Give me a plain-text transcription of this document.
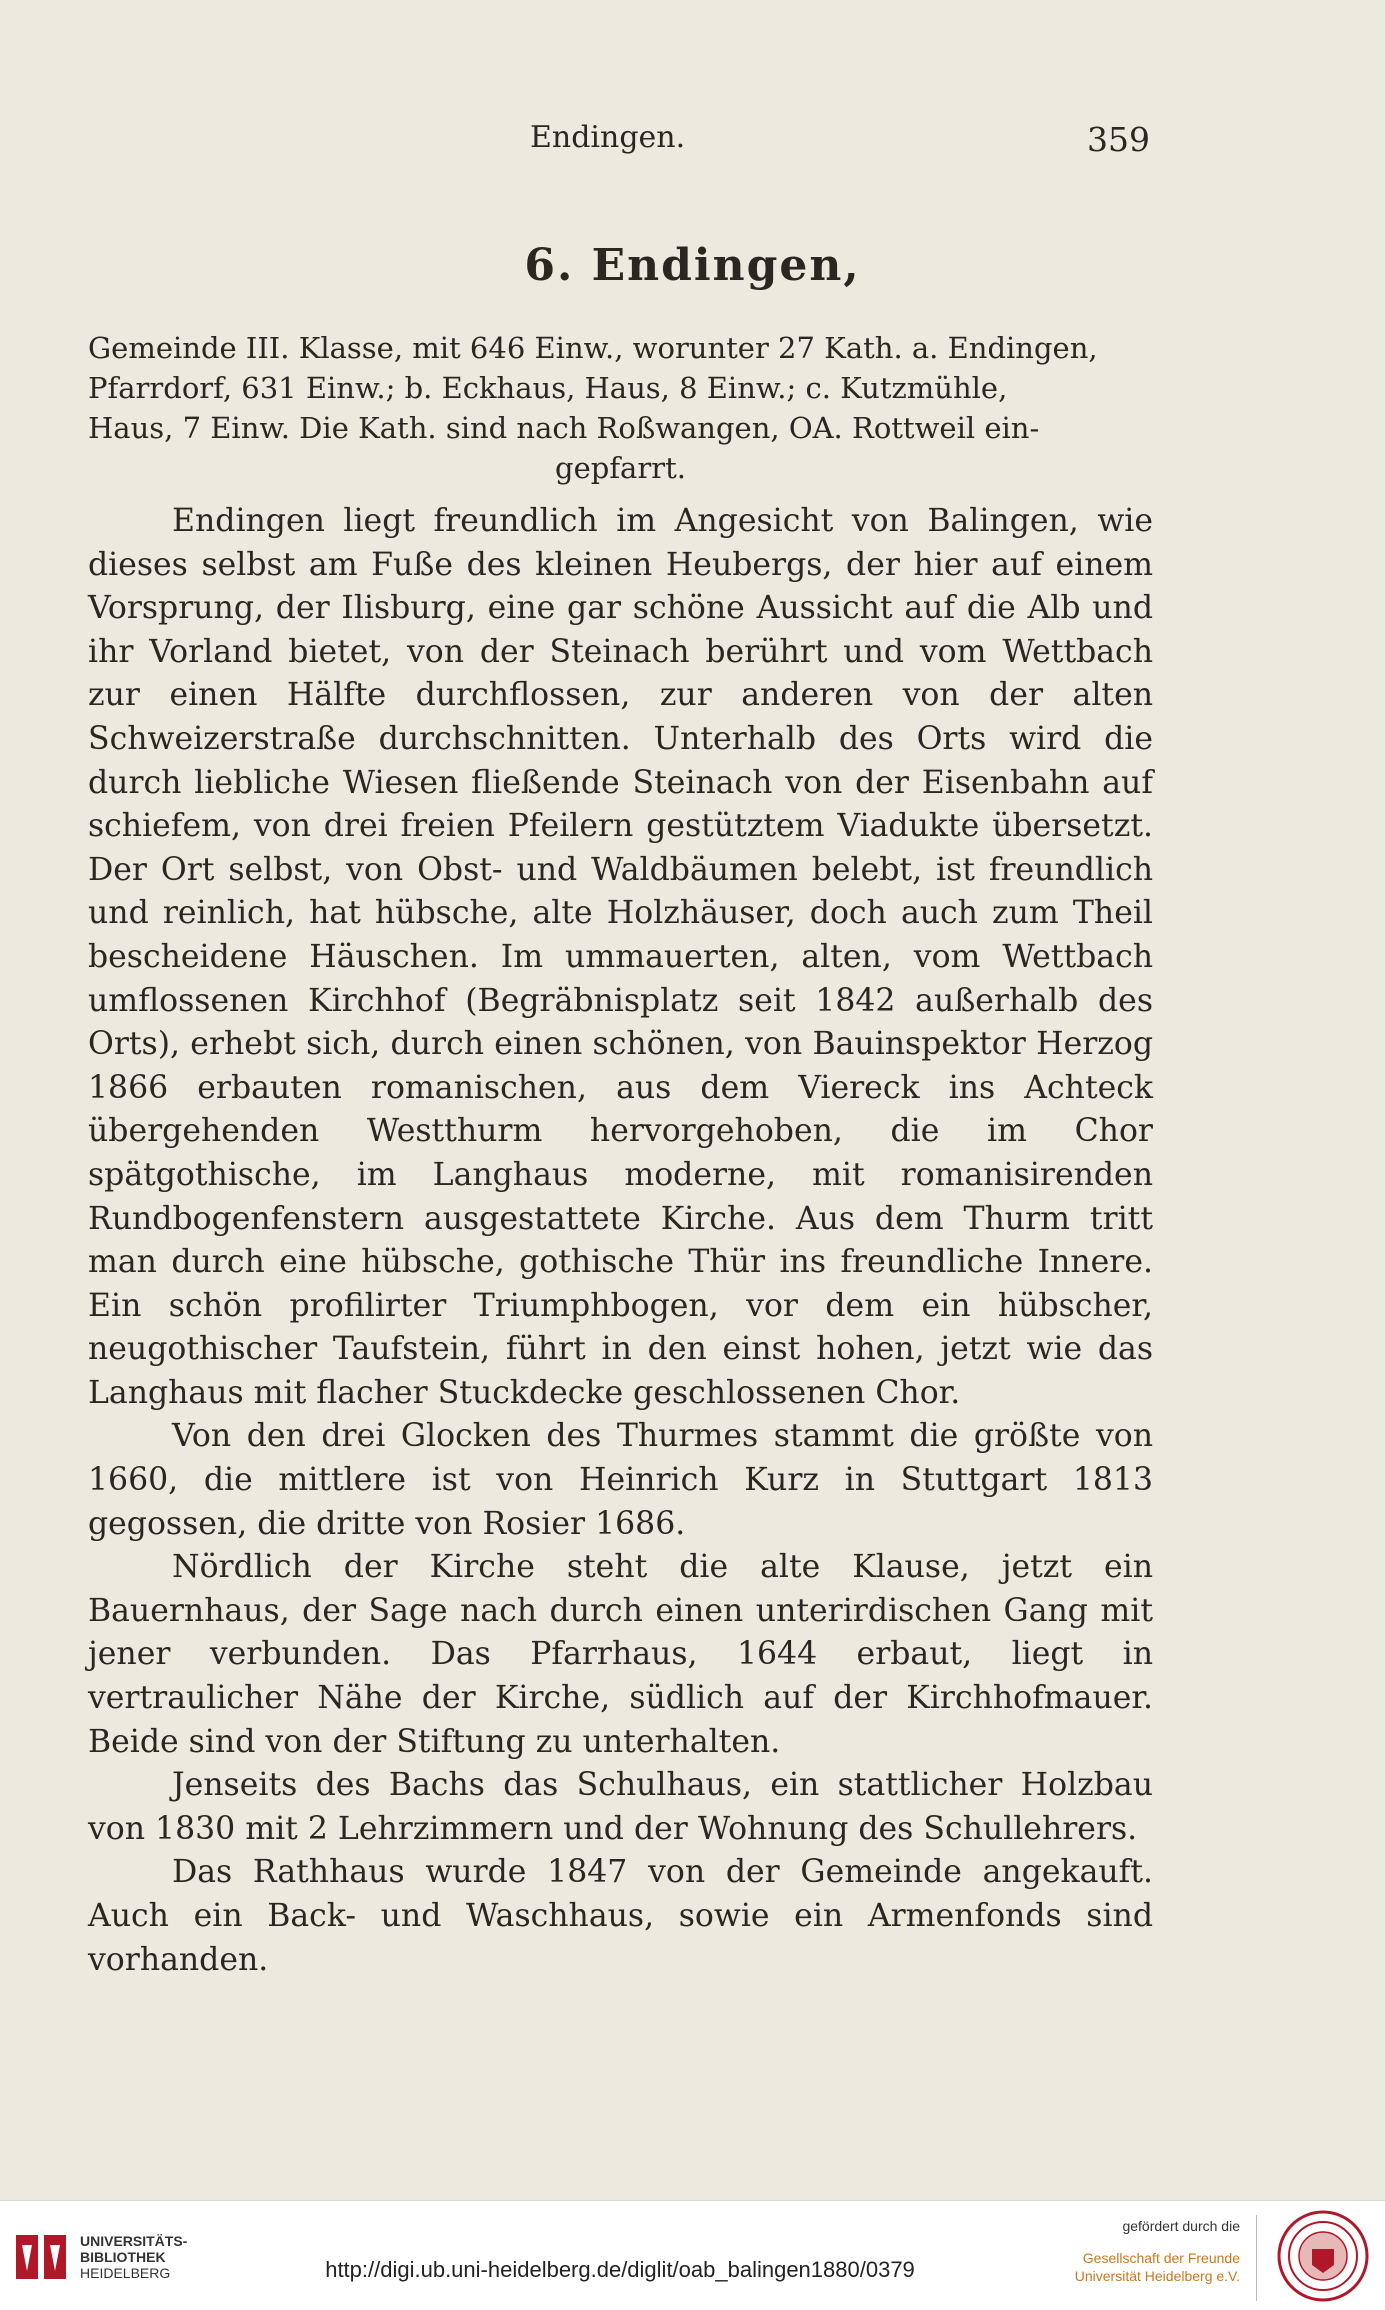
Endingen.	359
6. Endingen,
Gemeinde III. Klasse, mit 646 Einw., worunter 27 Kath. a. Endingen,
Pfarrdorf, 631 Einw.; b. Eckhaus, Haus, 8 Einw.; c. Kutzmühle,
Haus, 7 Einw. Die Kath. sind nach Roßwangen, OA. Rottweil ein-
gepfarrt.

Endingen liegt freundlich im Angesicht von Balingen, wie dieses selbst am Fuße des kleinen Heubergs, der hier auf einem Vorsprung, der Ilisburg, eine gar schöne Aussicht auf die Alb und ihr Vorland bietet, von der Steinach berührt und vom Wettbach zur einen Hälfte durchflossen, zur anderen von der alten Schweizerstraße durchschnitten. Unterhalb des Orts wird die durch liebliche Wiesen fließende Steinach von der Eisenbahn auf schiefem, von drei freien Pfeilern gestütztem Viadukte übersetzt. Der Ort selbst, von Obst- und Waldbäumen belebt, ist freundlich und reinlich, hat hübsche, alte Holzhäuser, doch auch zum Theil bescheidene Häuschen. Im ummauerten, alten, vom Wettbach umflossenen Kirchhof (Begräbnisplatz seit 1842 außerhalb des Orts), erhebt sich, durch einen schönen, von Bauinspektor Herzog 1866 erbauten romanischen, aus dem Viereck ins Achteck übergehenden Westthurm hervorgehoben, die im Chor spätgothische, im Langhaus moderne, mit romanisirenden Rundbogenfenstern ausgestattete Kirche. Aus dem Thurm tritt man durch eine hübsche, gothische Thür ins freundliche Innere. Ein schön profilirter Triumphbogen, vor dem ein hübscher, neugothischer Taufstein, führt in den einst hohen, jetzt wie das Langhaus mit flacher Stuckdecke geschlossenen Chor.

Von den drei Glocken des Thurmes stammt die größte von 1660, die mittlere ist von Heinrich Kurz in Stuttgart 1813 gegossen, die dritte von Rosier 1686.

Nördlich der Kirche steht die alte Klause, jetzt ein Bauernhaus, der Sage nach durch einen unterirdischen Gang mit jener verbunden. Das Pfarrhaus, 1644 erbaut, liegt in vertraulicher Nähe der Kirche, südlich auf der Kirchhofmauer. Beide sind von der Stiftung zu unterhalten.

Jenseits des Bachs das Schulhaus, ein stattlicher Holzbau von 1830 mit 2 Lehrzimmern und der Wohnung des Schullehrers.

Das Rathhaus wurde 1847 von der Gemeinde angekauft. Auch ein Back- und Waschhaus, sowie ein Armenfonds sind vorhanden.

UNIVERSITÄTS-
BIBLIOTHEK
HEIDELBERG	http://digi.ub.uni-heidelberg.de/diglit/oab_balingen1880/0379
gefördert durch die
Gesellschaft der Freunde
Universität Heidelberg e.V.
